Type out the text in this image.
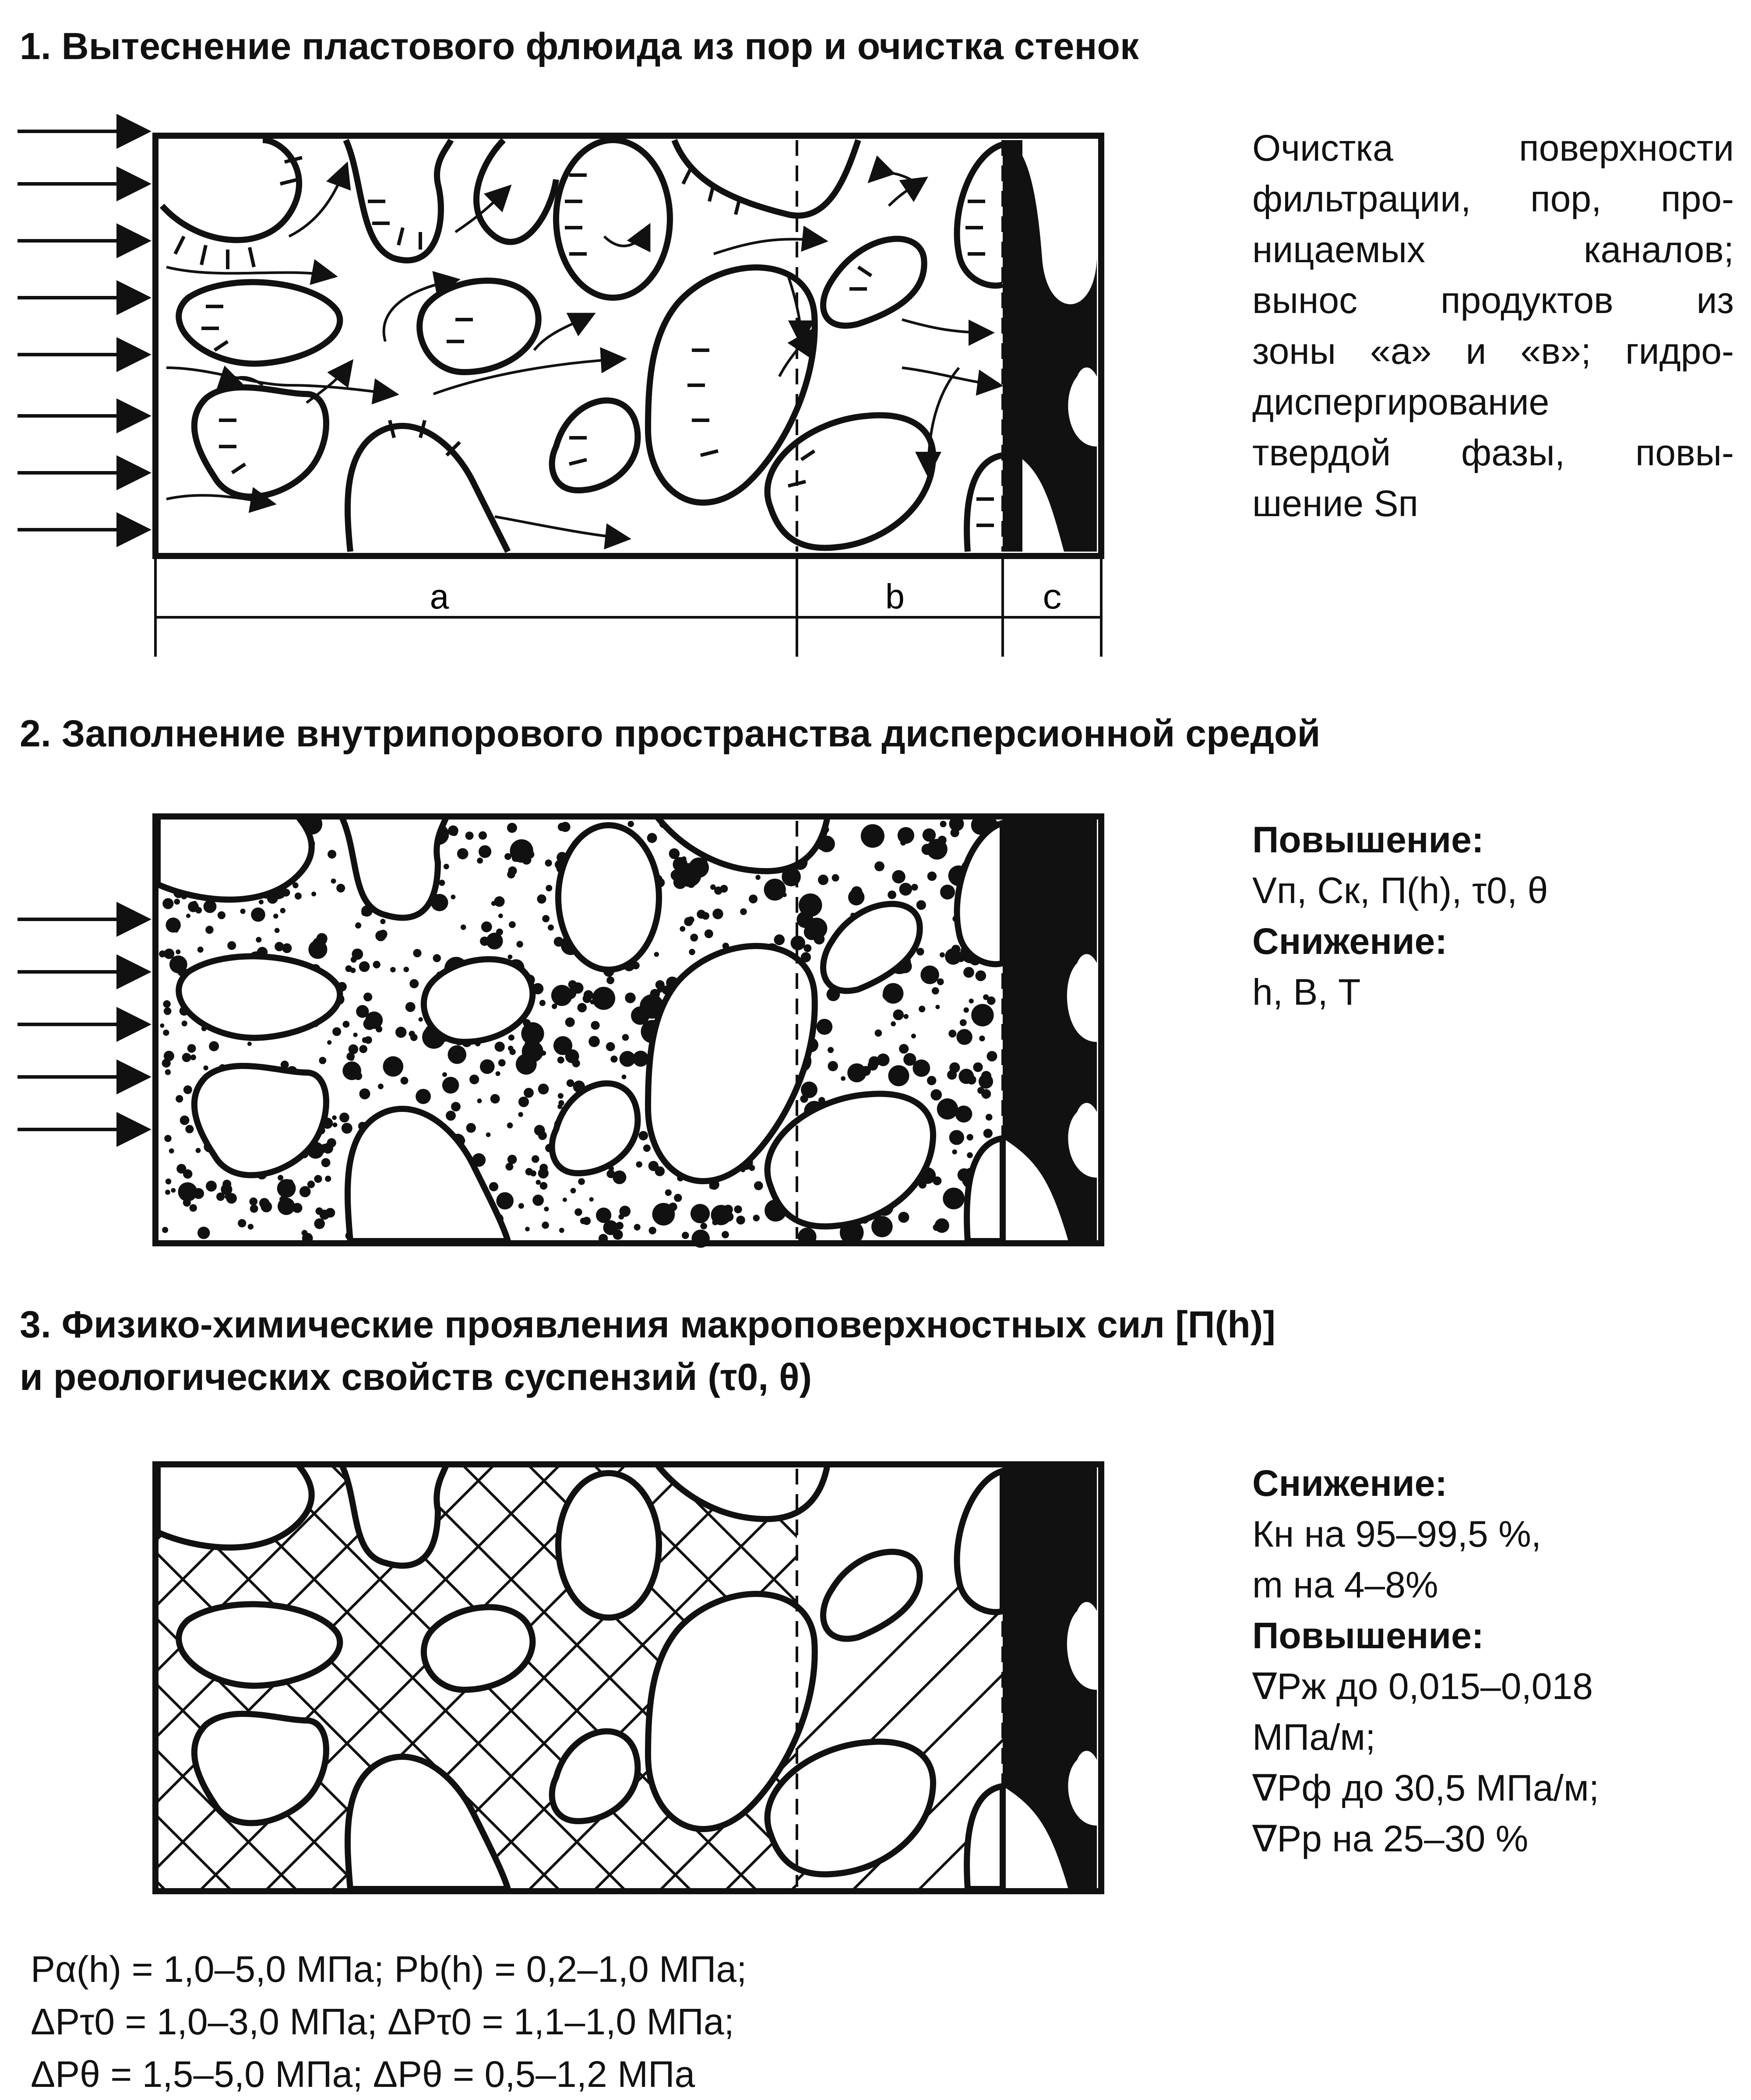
1. Вытеснение пластового флюида из пор и очистка стенок
a	b	c
Очистка поверхности
фильтрации, пор, про-
ницаемых каналов;
вынос продуктов из
зоны «а» и «в»; гидро-
диспергирование
твердой фазы, повы-
шение Sп
2. Заполнение внутрипорового пространства дисперсионной средой
Повышение:
Vп, Ск, П(h), τ0, θ
Снижение:
h, В, Т
3. Физико-химические проявления макроповерхностных сил [П(h)]
и реологических свойств суспензий (τ0, θ)
Снижение:
Кн на 95–99,5 %,
m на 4–8%
Повышение:
∇Pж до 0,015–0,018
МПа/м;
∇Pф до 30,5 МПа/м;
∇Pр на 25–30 %
Pα(h) = 1,0–5,0 МПа; Pb(h) = 0,2–1,0 МПа;
ΔPτ0 = 1,0–3,0 МПа; ΔPτ0 = 1,1–1,0 МПа;
ΔPθ = 1,5–5,0 МПа; ΔPθ = 0,5–1,2 МПа
